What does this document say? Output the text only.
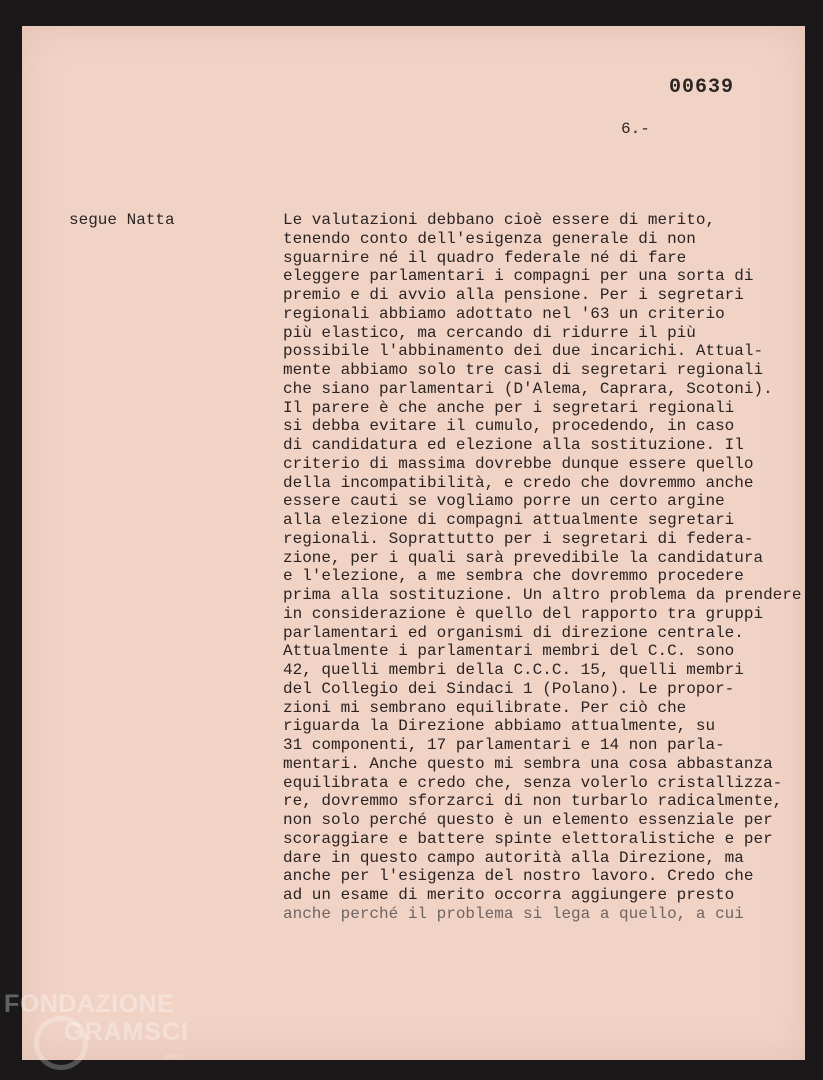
00639
6.-
segue Natta	Le valutazioni debbano cioè essere di merito,
tenendo conto dell'esigenza generale di non
sguarnire né il quadro federale né di fare
eleggere parlamentari i compagni per una sorta di
premio e di avvio alla pensione. Per i segretari
regionali abbiamo adottato nel '63 un criterio
più elastico, ma cercando di ridurre il più
possibile l'abbinamento dei due incarichi. Attual-
mente abbiamo solo tre casi di segretari regionali
che siano parlamentari (D'Alema, Caprara, Scotoni).
Il parere è che anche per i segretari regionali
si debba evitare il cumulo, procedendo, in caso
di candidatura ed elezione alla sostituzione. Il
criterio di massima dovrebbe dunque essere quello
della incompatibilità, e credo che dovremmo anche
essere cauti se vogliamo porre un certo argine
alla elezione di compagni attualmente segretari
regionali. Soprattutto per i segretari di federa-
zione, per i quali sarà prevedibile la candidatura
e l'elezione, a me sembra che dovremmo procedere
prima alla sostituzione. Un altro problema da prendere
in considerazione è quello del rapporto tra gruppi
parlamentari ed organismi di direzione centrale.
Attualmente i parlamentari membri del C.C. sono
42, quelli membri della C.C.C. 15, quelli membri
del Collegio dei Sindaci 1 (Polano). Le propor-
zioni mi sembrano equilibrate. Per ciò che
riguarda la Direzione abbiamo attualmente, su
31 componenti, 17 parlamentari e 14 non parla-
mentari. Anche questo mi sembra una cosa abbastanza
equilibrata e credo che, senza volerlo cristallizza-
re, dovremmo sforzarci di non turbarlo radicalmente,
non solo perché questo è un elemento essenziale per
scoraggiare e battere spinte elettoralistiche e per
dare in questo campo autorità alla Direzione, ma
anche per l'esigenza del nostro lavoro. Credo che
ad un esame di merito occorra aggiungere presto
anche perché il problema si lega a quello, a cui
FONDAZIONE
GRAMSCI
onlus
